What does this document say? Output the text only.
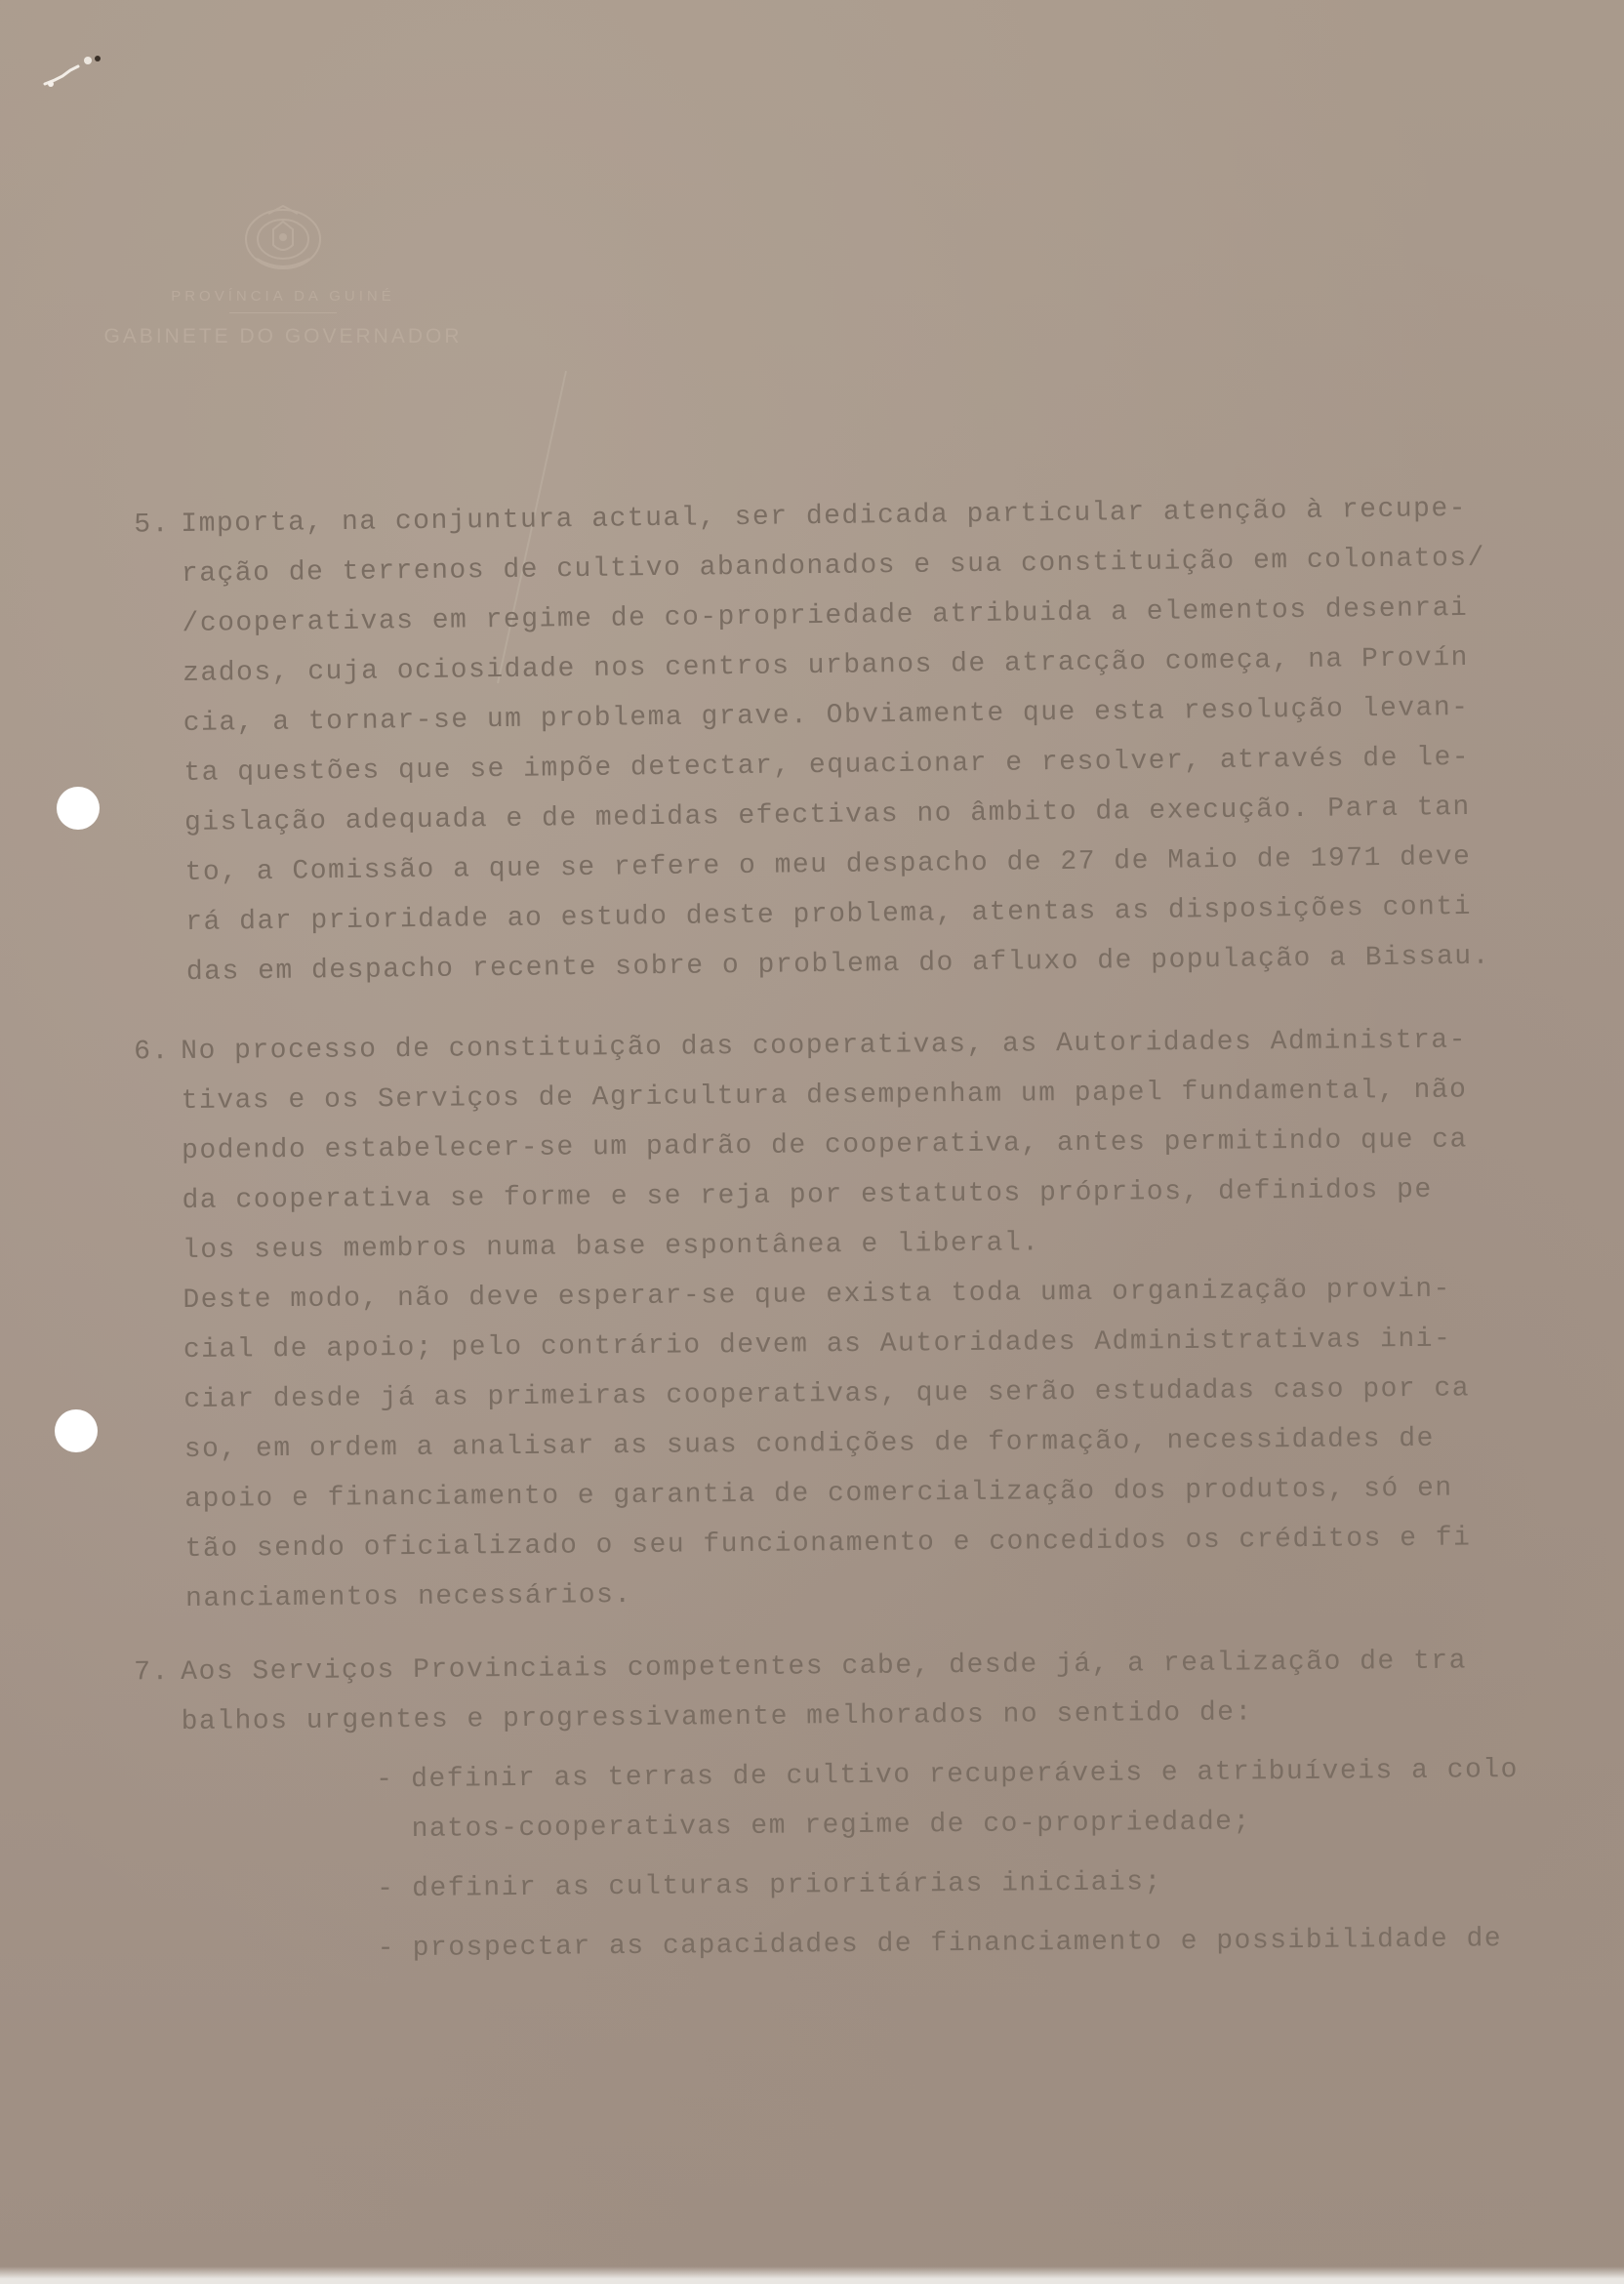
PROVÍNCIA DA GUINÉ
GABINETE DO GOVERNADOR
5. Importa, na conjuntura actual, ser dedicada particular atenção à recupe-
ração de terrenos de cultivo abandonados e sua constituição em colonatos/
/cooperativas em regime de co-propriedade atribuida a elementos desenrai
zados, cuja ociosidade nos centros urbanos de atracção começa, na Provín
cia, a tornar-se um problema grave. Obviamente que esta resolução levan-
ta questões que se impõe detectar, equacionar e resolver, através de le-
gislação adequada e de medidas efectivas no âmbito da execução. Para tan
to, a Comissão a que se refere o meu despacho de 27 de Maio de 1971 deve
rá dar prioridade ao estudo deste problema, atentas as disposições conti
das em despacho recente sobre o problema do afluxo de população a Bissau.
6. No processo de constituição das cooperativas, as Autoridades Administra-
tivas e os Serviços de Agricultura desempenham um papel fundamental, não
podendo estabelecer-se um padrão de cooperativa, antes permitindo que ca
da cooperativa se forme e se reja por estatutos próprios, definidos pe
los seus membros numa base espontânea e liberal.
Deste modo, não deve esperar-se que exista toda uma organização provin-
cial de apoio; pelo contrário devem as Autoridades Administrativas ini-
ciar desde já as primeiras cooperativas, que serão estudadas caso por ca
so, em ordem a analisar as suas condições de formação, necessidades de
apoio e financiamento e garantia de comercialização dos produtos, só en
tão sendo oficializado o seu funcionamento e concedidos os créditos e fi
nanciamentos necessários.
7. Aos Serviços Provinciais competentes cabe, desde já, a realização de tra
balhos urgentes e progressivamente melhorados no sentido de:
- definir as terras de cultivo recuperáveis e atribuíveis a colo
natos-cooperativas em regime de co-propriedade;
- definir as culturas prioritárias iniciais;
- prospectar as capacidades de financiamento e possibilidade de
